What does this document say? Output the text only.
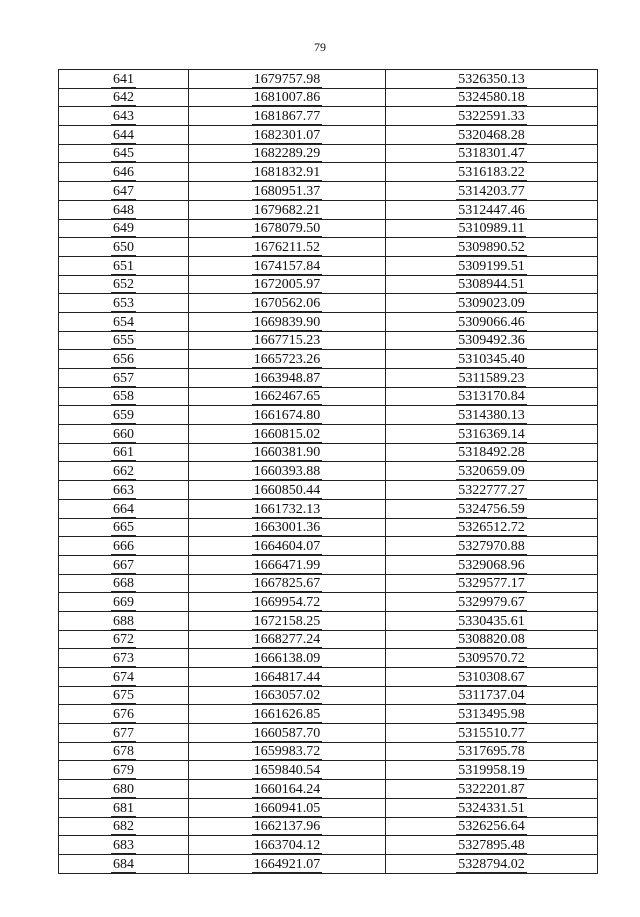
79
641	1679757.98	5326350.13
642	1681007.86	5324580.18
643	1681867.77	5322591.33
644	1682301.07	5320468.28
645	1682289.29	5318301.47
646	1681832.91	5316183.22
647	1680951.37	5314203.77
648	1679682.21	5312447.46
649	1678079.50	5310989.11
650	1676211.52	5309890.52
651	1674157.84	5309199.51
652	1672005.97	5308944.51
653	1670562.06	5309023.09
654	1669839.90	5309066.46
655	1667715.23	5309492.36
656	1665723.26	5310345.40
657	1663948.87	5311589.23
658	1662467.65	5313170.84
659	1661674.80	5314380.13
660	1660815.02	5316369.14
661	1660381.90	5318492.28
662	1660393.88	5320659.09
663	1660850.44	5322777.27
664	1661732.13	5324756.59
665	1663001.36	5326512.72
666	1664604.07	5327970.88
667	1666471.99	5329068.96
668	1667825.67	5329577.17
669	1669954.72	5329979.67
688	1672158.25	5330435.61
672	1668277.24	5308820.08
673	1666138.09	5309570.72
674	1664817.44	5310308.67
675	1663057.02	5311737.04
676	1661626.85	5313495.98
677	1660587.70	5315510.77
678	1659983.72	5317695.78
679	1659840.54	5319958.19
680	1660164.24	5322201.87
681	1660941.05	5324331.51
682	1662137.96	5326256.64
683	1663704.12	5327895.48
684	1664921.07	5328794.02
